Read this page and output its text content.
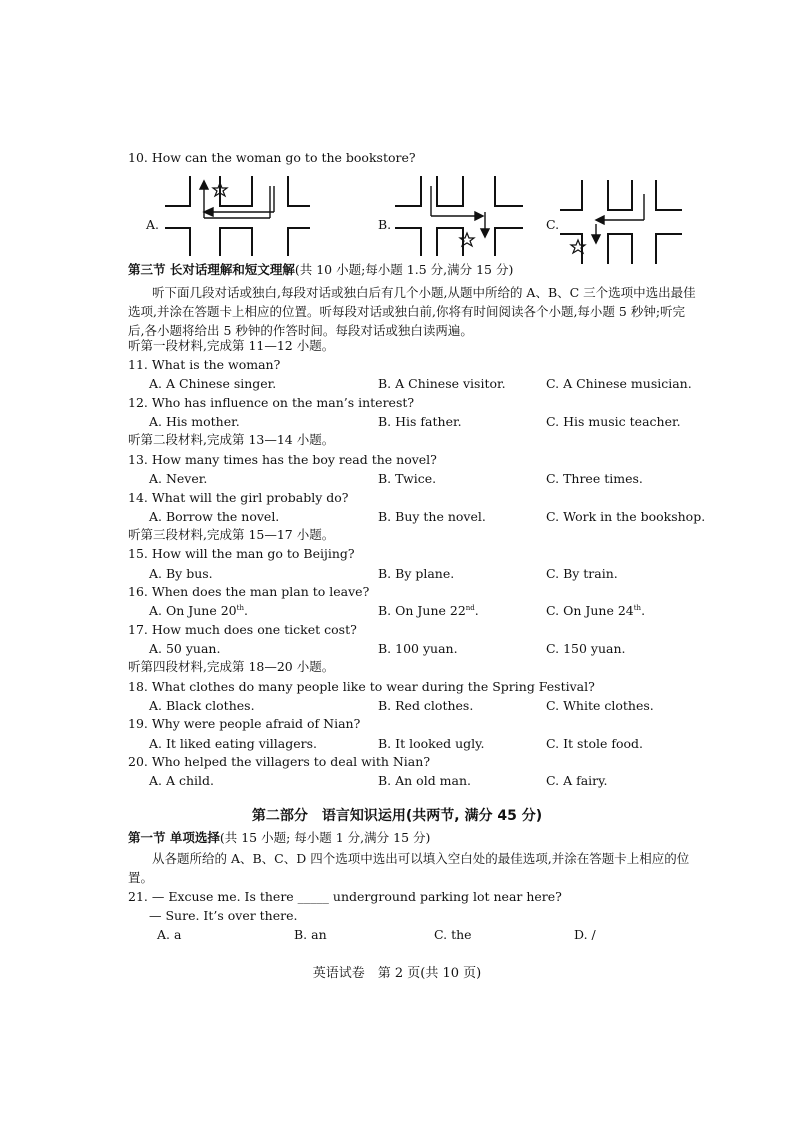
10. How can the woman go to the bookstore?
A.	B.	C.
第三节 长对话理解和短文理解(共 10 小题;每小题 1.5 分,满分 15 分)
听下面几段对话或独白,每段对话或独白后有几个小题,从题中所给的 A、B、C 三个选项中选出最佳选项,并涂在答题卡上相应的位置。听每段对话或独白前,你将有时间阅读各个小题,每小题 5 秒钟;听完后,各小题将给出 5 秒钟的作答时间。每段对话或独白读两遍。
听第一段材料,完成第 11—12 小题。
11. What is the woman?
A. A Chinese singer.	B. A Chinese visitor.	C. A Chinese musician.
12. Who has influence on the man’s interest?
A. His mother.	B. His father.	C. His music teacher.
听第二段材料,完成第 13—14 小题。
13. How many times has the boy read the novel?
A. Never.	B. Twice.	C. Three times.
14. What will the girl probably do?
A. Borrow the novel.	B. Buy the novel.	C. Work in the bookshop.
听第三段材料,完成第 15—17 小题。
15. How will the man go to Beijing?
A. By bus.	B. By plane.	C. By train.
16. When does the man plan to leave?
A. On June 20th.	B. On June 22nd.	C. On June 24th.
17. How much does one ticket cost?
A. 50 yuan.	B. 100 yuan.	C. 150 yuan.
听第四段材料,完成第 18—20 小题。
18. What clothes do many people like to wear during the Spring Festival?
A. Black clothes.	B. Red clothes.	C. White clothes.
19. Why were people afraid of Nian?
A. It liked eating villagers.	B. It looked ugly.	C. It stole food.
20. Who helped the villagers to deal with Nian?
A. A child.	B. An old man.	C. A fairy.
第二部分　语言知识运用(共两节, 满分 45 分)
第一节 单项选择(共 15 小题; 每小题 1 分,满分 15 分)
从各题所给的 A、B、C、D 四个选项中选出可以填入空白处的最佳选项,并涂在答题卡上相应的位置。
21. — Excuse me. Is there _____ underground parking lot near here?
— Sure. It’s over there.
A. a	B. an	C. the	D. /
英语试卷　第 2 页(共 10 页)
